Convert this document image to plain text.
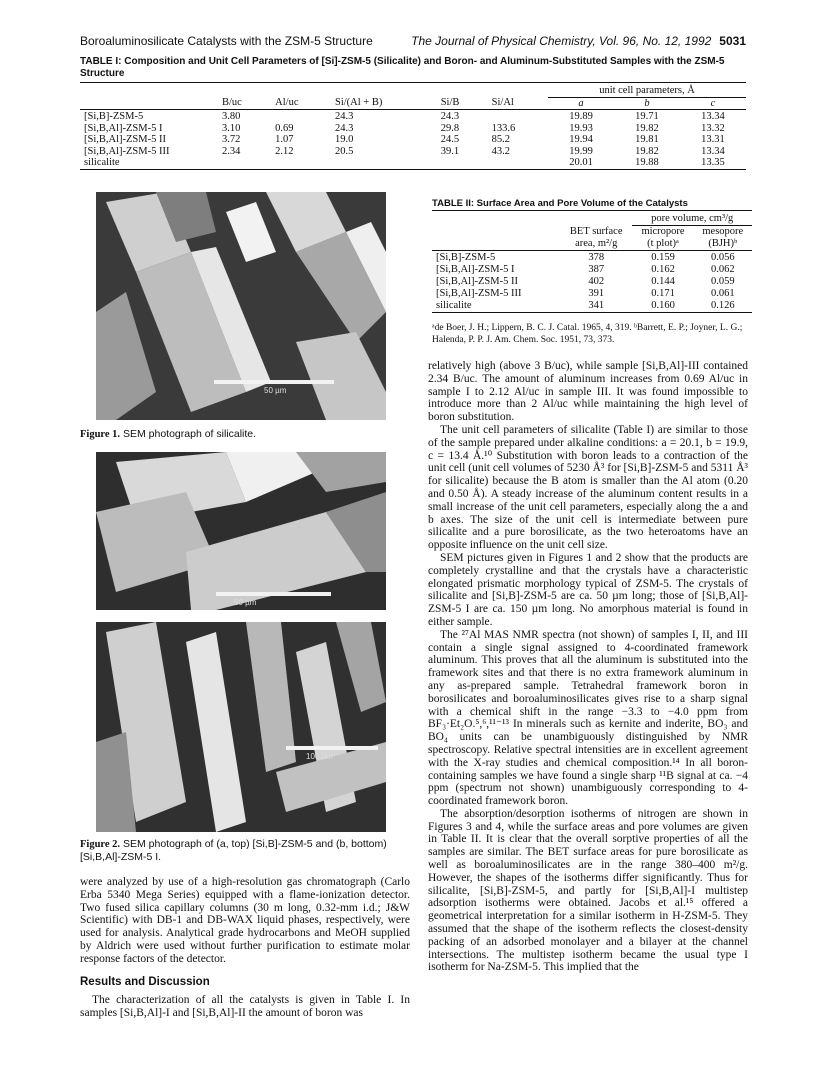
Boroaluminosilicate Catalysts with the ZSM-5 Structure	The Journal of Physical Chemistry, Vol. 96, No. 12, 1992 5031
TABLE I: Composition and Unit Cell Parameters of [Si]-ZSM-5 (Silicalite) and Boron- and Aluminum-Substituted Samples with the ZSM-5 Structure

						unit cell parameters, Å		
	B/uc	Al/uc	Si/(Al + B)	Si/B	Si/Al	a	b	c

[Si,B]-ZSM-5	3.80		24.3	24.3		19.89	19.71	13.34
[Si,B,Al]-ZSM-5 I	3.10	0.69	24.3	29.8	133.6	19.93	19.82	13.32
[Si,B,Al]-ZSM-5 II	3.72	1.07	19.0	24.5	85.2	19.94	19.81	13.31
[Si,B,Al]-ZSM-5 III	2.34	2.12	20.5	39.1	43.2	19.99	19.82	13.34
silicalite						20.01	19.88	13.35

50 µm
Figure 1. SEM photograph of silicalite.
50 µm
100 µm
Figure 2. SEM photograph of (a, top) [Si,B]-ZSM-5 and (b, bottom) [Si,B,Al]-ZSM-5 I.

were analyzed by use of a high-resolution gas chromatograph (Carlo Erba 5340 Mega Series) equipped with a flame-ionization detector. Two fused silica capillary columns (30 m long, 0.32-mm i.d.; J&W Scientific) with DB-1 and DB-WAX liquid phases, respectively, were used for analysis. Analytical grade hydrocarbons and MeOH supplied by Aldrich were used without further purification to estimate molar response factors of the detector.

Results and Discussion

The characterization of all the catalysts is given in Table I. In samples [Si,B,Al]-I and [Si,B,Al]-II the amount of boron was

TABLE II: Surface Area and Pore Volume of the Catalysts

		pore volume, cm³/g	
	BET surface	micropore	mesopore
	area, m²/g	(t plot)ᵃ	(BJH)ᵇ

[Si,B]-ZSM-5	378	0.159	0.056
[Si,B,Al]-ZSM-5 I	387	0.162	0.062
[Si,B,Al]-ZSM-5 II	402	0.144	0.059
[Si,B,Al]-ZSM-5 III	391	0.171	0.061
silicalite	341	0.160	0.126

ᵃde Boer, J. H.; Lippern, B. C. J. Catal. 1965, 4, 319. ᵇBarrett, E. P.; Joyner, L. G.; Halenda, P. P. J. Am. Chem. Soc. 1951, 73, 373.

relatively high (above 3 B/uc), while sample [Si,B,Al]-III contained 2.34 B/uc. The amount of aluminum increases from 0.69 Al/uc in sample I to 2.12 Al/uc in sample III. It was found impossible to introduce more than 2 Al/uc while maintaining the high level of boron substitution.

The unit cell parameters of silicalite (Table I) are similar to those of the sample prepared under alkaline conditions: a = 20.1, b = 19.9, c = 13.4 Å.¹⁰ Substitution with boron leads to a contraction of the unit cell (unit cell volumes of 5230 Å³ for [Si,B]-ZSM-5 and 5311 Å³ for silicalite) because the B atom is smaller than the Al atom (0.20 and 0.50 Å). A steady increase of the aluminum content results in a small increase of the unit cell parameters, especially along the a and b axes. The size of the unit cell is intermediate between pure silicalite and a pure borosilicate, as the two heteroatoms have an opposite influence on the unit cell size.

SEM pictures given in Figures 1 and 2 show that the products are completely crystalline and that the crystals have a characteristic elongated prismatic morphology typical of ZSM-5. The crystals of silicalite and [Si,B]-ZSM-5 are ca. 50 µm long; those of [Si,B,Al]-ZSM-5 I are ca. 150 µm long. No amorphous material is found in either sample.

The ²⁷Al MAS NMR spectra (not shown) of samples I, II, and III contain a single signal assigned to 4-coordinated framework aluminum. This proves that all the aluminum is substituted into the framework sites and that there is no extra framework aluminum in any as-prepared sample. Tetrahedral framework boron in borosilicates and boroaluminosilicates gives rise to a sharp signal with a chemical shift in the range −3.3 to −4.0 ppm from BF₃·Et₂O.⁵,⁶,¹¹⁻¹³ In minerals such as kernite and inderite, BO₃ and BO₄ units can be unambiguously distinguished by NMR spectroscopy. Relative spectral intensities are in excellent agreement with the X-ray studies and chemical composition.¹⁴ In all boron-containing samples we have found a single sharp ¹¹B signal at ca. −4 ppm (spectrum not shown) unambiguously corresponding to 4-coordinated framework boron.

The absorption/desorption isotherms of nitrogen are shown in Figures 3 and 4, while the surface areas and pore volumes are given in Table II. It is clear that the overall sorptive properties of all the samples are similar. The BET surface areas for pure borosilicate as well as boroaluminosilicates are in the range 380–400 m²/g. However, the shapes of the isotherms differ significantly. Thus for silicalite, [Si,B]-ZSM-5, and partly for [Si,B,Al]-I multistep adsorption isotherms were obtained. Jacobs et al.¹⁵ offered a geometrical interpretation for a similar isotherm in H-ZSM-5. They assumed that the shape of the isotherm reflects the closest-density packing of an adsorbed monolayer and a bilayer at the channel intersections. The multistep isotherm became the usual type I isotherm for Na-ZSM-5. This implied that the
